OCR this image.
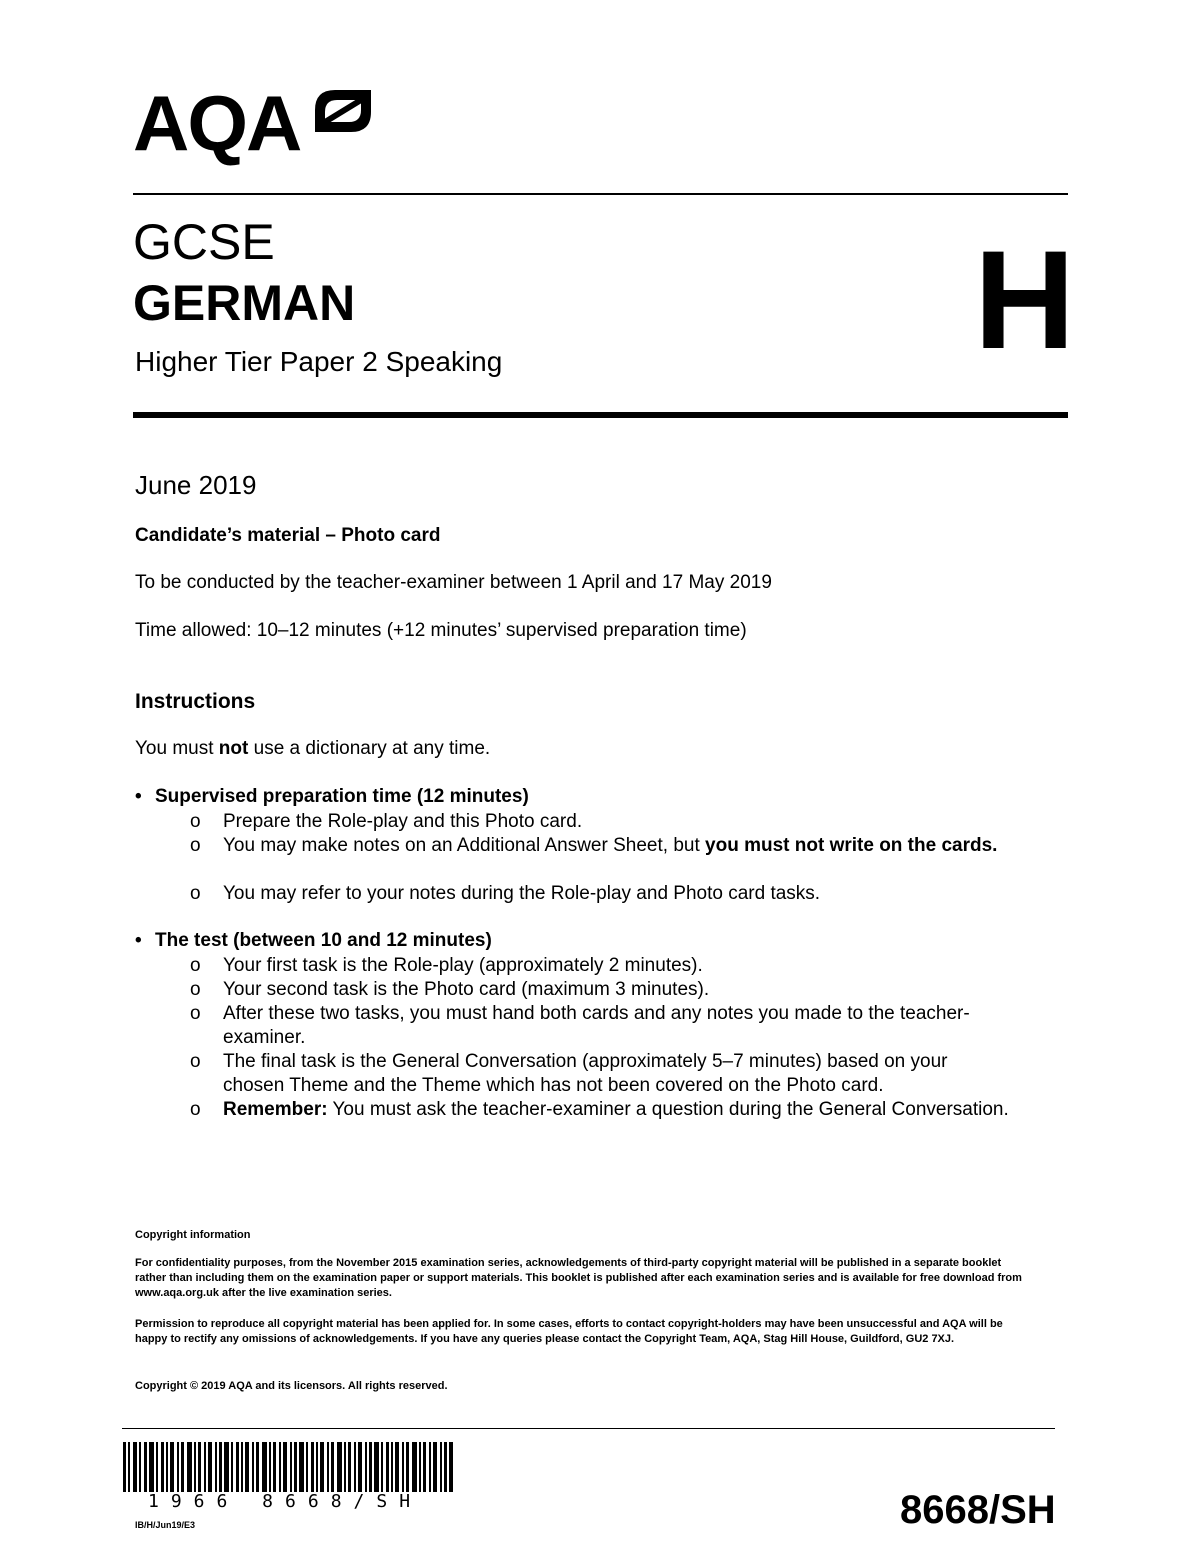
AQA
GCSE
GERMAN
Higher Tier Paper 2 Speaking	H
June 2019
Candidate’s material – Photo card
To be conducted by the teacher-examiner between 1 April and 17 May 2019
Time allowed: 10–12 minutes (+12 minutes’ supervised preparation time)
Instructions
You must not use a dictionary at any time.
• Supervised preparation time (12 minutes)
o Prepare the Role-play and this Photo card.
o You may make notes on an Additional Answer Sheet, but you must not write on the cards.
o You may refer to your notes during the Role-play and Photo card tasks.
• The test (between 10 and 12 minutes)
o Your first task is the Role-play (approximately 2 minutes).
o Your second task is the Photo card (maximum 3 minutes).
o After these two tasks, you must hand both cards and any notes you made to the teacher-examiner.
o The final task is the General Conversation (approximately 5–7 minutes) based on your chosen Theme and the Theme which has not been covered on the Photo card.
o Remember: You must ask the teacher-examiner a question during the General Conversation.
Copyright information
For confidentiality purposes, from the November 2015 examination series, acknowledgements of third-party copyright material will be published in a separate booklet rather than including them on the examination paper or support materials. This booklet is published after each examination series and is available for free download from www.aqa.org.uk after the live examination series.
Permission to reproduce all copyright material has been applied for. In some cases, efforts to contact copyright-holders may have been unsuccessful and AQA will be happy to rectify any omissions of acknowledgements. If you have any queries please contact the Copyright Team, AQA, Stag Hill House, Guildford, GU2 7XJ.
Copyright © 2019 AQA and its licensors. All rights reserved.
1966 8668/SH
IB/H/Jun19/E3	8668/SH
